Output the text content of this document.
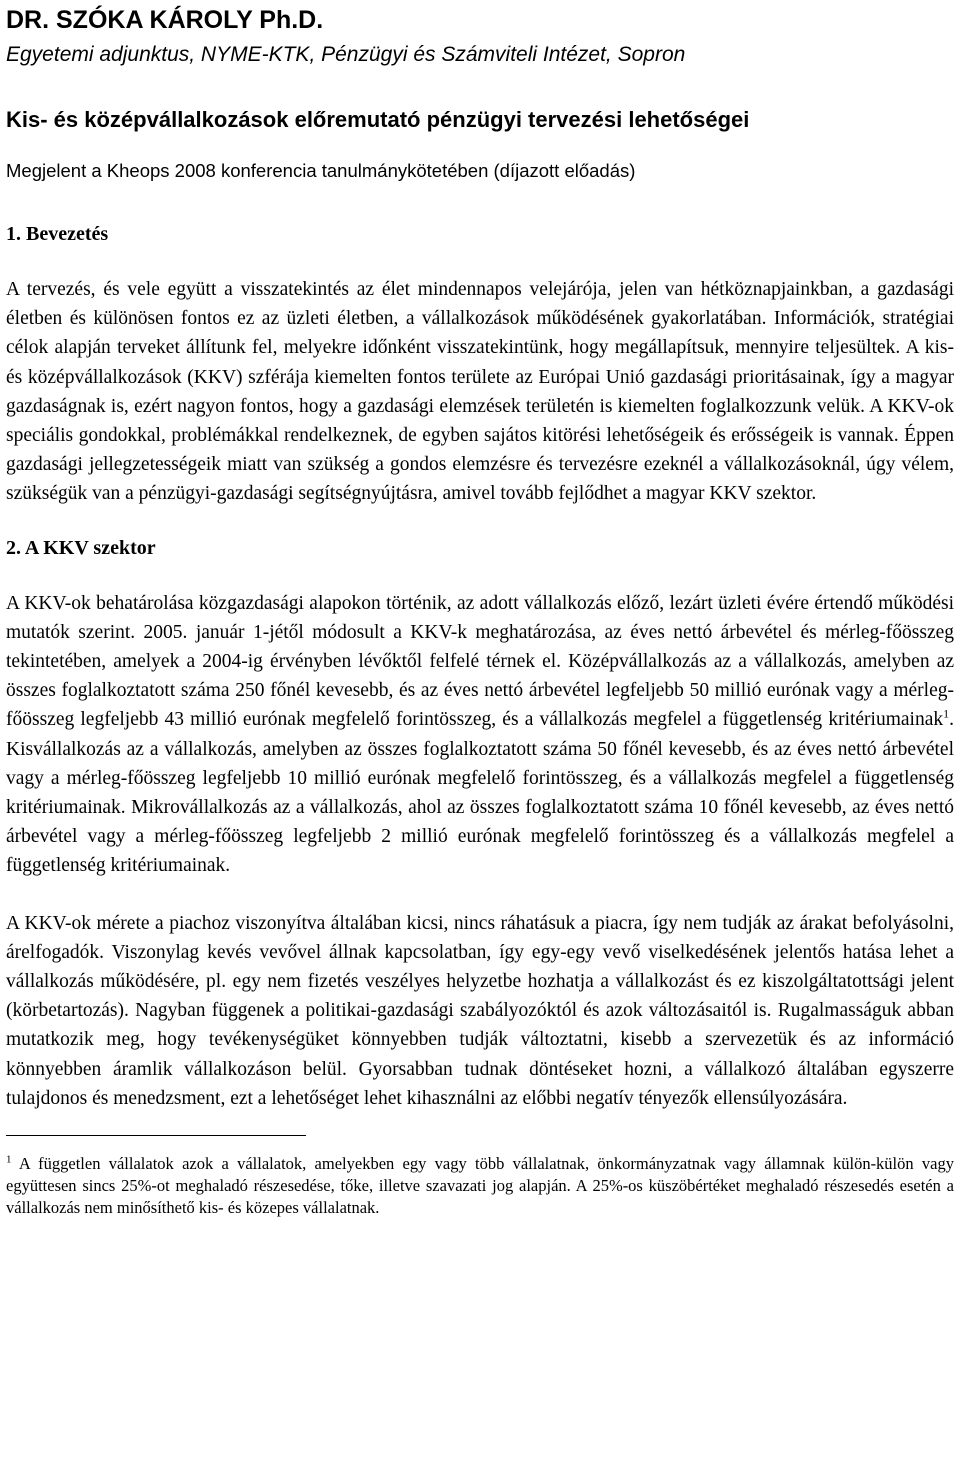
DR. SZÓKA KÁROLY Ph.D.
Egyetemi adjunktus, NYME-KTK, Pénzügyi és Számviteli Intézet, Sopron
Kis- és középvállalkozások előremutató pénzügyi tervezési lehetőségei
Megjelent a Kheops 2008 konferencia tanulmánykötetében (díjazott előadás)
1. Bevezetés

A tervezés, és vele együtt a visszatekintés az élet mindennapos velejárója, jelen van hétköznapjainkban, a gazdasági életben és különösen fontos ez az üzleti életben, a vállalkozások működésének gyakorlatában. Információk, stratégiai célok alapján terveket állítunk fel, melyekre időnként visszatekintünk, hogy megállapítsuk, mennyire teljesültek. A kis- és középvállalkozások (KKV) szférája kiemelten fontos területe az Európai Unió gazdasági prioritásainak, így a magyar gazdaságnak is, ezért nagyon fontos, hogy a gazdasági elemzések területén is kiemelten foglalkozzunk velük. A KKV-ok speciális gondokkal, problémákkal rendelkeznek, de egyben sajátos kitörési lehetőségeik és erősségeik is vannak. Éppen gazdasági jellegzetességeik miatt van szükség a gondos elemzésre és tervezésre ezeknél a vállalkozásoknál, úgy vélem, szükségük van a pénzügyi-gazdasági segítségnyújtásra, amivel tovább fejlődhet a magyar KKV szektor.

2. A KKV szektor

A KKV-ok behatárolása közgazdasági alapokon történik, az adott vállalkozás előző, lezárt üzleti évére értendő működési mutatók szerint. 2005. január 1-jétől módosult a KKV-k meghatározása, az éves nettó árbevétel és mérleg-főösszeg tekintetében, amelyek a 2004-ig érvényben lévőktől felfelé térnek el. Középvállalkozás az a vállalkozás, amelyben az összes foglalkoztatott száma 250 főnél kevesebb, és az éves nettó árbevétel legfeljebb 50 millió eurónak vagy a mérleg-főösszeg legfeljebb 43 millió eurónak megfelelő forintösszeg, és a vállalkozás megfelel a függetlenség kritériumainak$^1$. Kisvállalkozás az a vállalkozás, amelyben az összes foglalkoztatott száma 50 főnél kevesebb, és az éves nettó árbevétel vagy a mérleg-főösszeg legfeljebb 10 millió eurónak megfelelő forintösszeg, és a vállalkozás megfelel a függetlenség kritériumainak. Mikrovállalkozás az a vállalkozás, ahol az összes foglalkoztatott száma 10 főnél kevesebb, az éves nettó árbevétel vagy a mérleg-főösszeg legfeljebb 2 millió eurónak megfelelő forintösszeg és a vállalkozás megfelel a függetlenség kritériumainak.

A KKV-ok mérete a piachoz viszonyítva általában kicsi, nincs ráhatásuk a piacra, így nem tudják az árakat befolyásolni, árelfogadók. Viszonylag kevés vevővel állnak kapcsolatban, így egy-egy vevő viselkedésének jelentős hatása lehet a vállalkozás működésére, pl. egy nem fizetés veszélyes helyzetbe hozhatja a vállalkozást és ez kiszolgáltatottsági jelent (körbetartozás). Nagyban függenek a politikai-gazdasági szabályozóktól és azok változásaitól is. Rugalmasságuk abban mutatkozik meg, hogy tevékenységüket könnyebben tudják változtatni, kisebb a szervezetük és az információ könnyebben áramlik vállalkozáson belül. Gyorsabban tudnak döntéseket hozni, a vállalkozó általában egyszerre tulajdonos és menedzsment, ezt a lehetőséget lehet kihasználni az előbbi negatív tényezők ellensúlyozására.

$^1$ A független vállalatok azok a vállalatok, amelyekben egy vagy több vállalatnak, önkormányzatnak vagy államnak külön-külön vagy együttesen sincs 25%-ot meghaladó részesedése, tőke, illetve szavazati jog alapján. A 25%-os küszöbértéket meghaladó részesedés esetén a vállalkozás nem minősíthető kis- és közepes vállalatnak.
